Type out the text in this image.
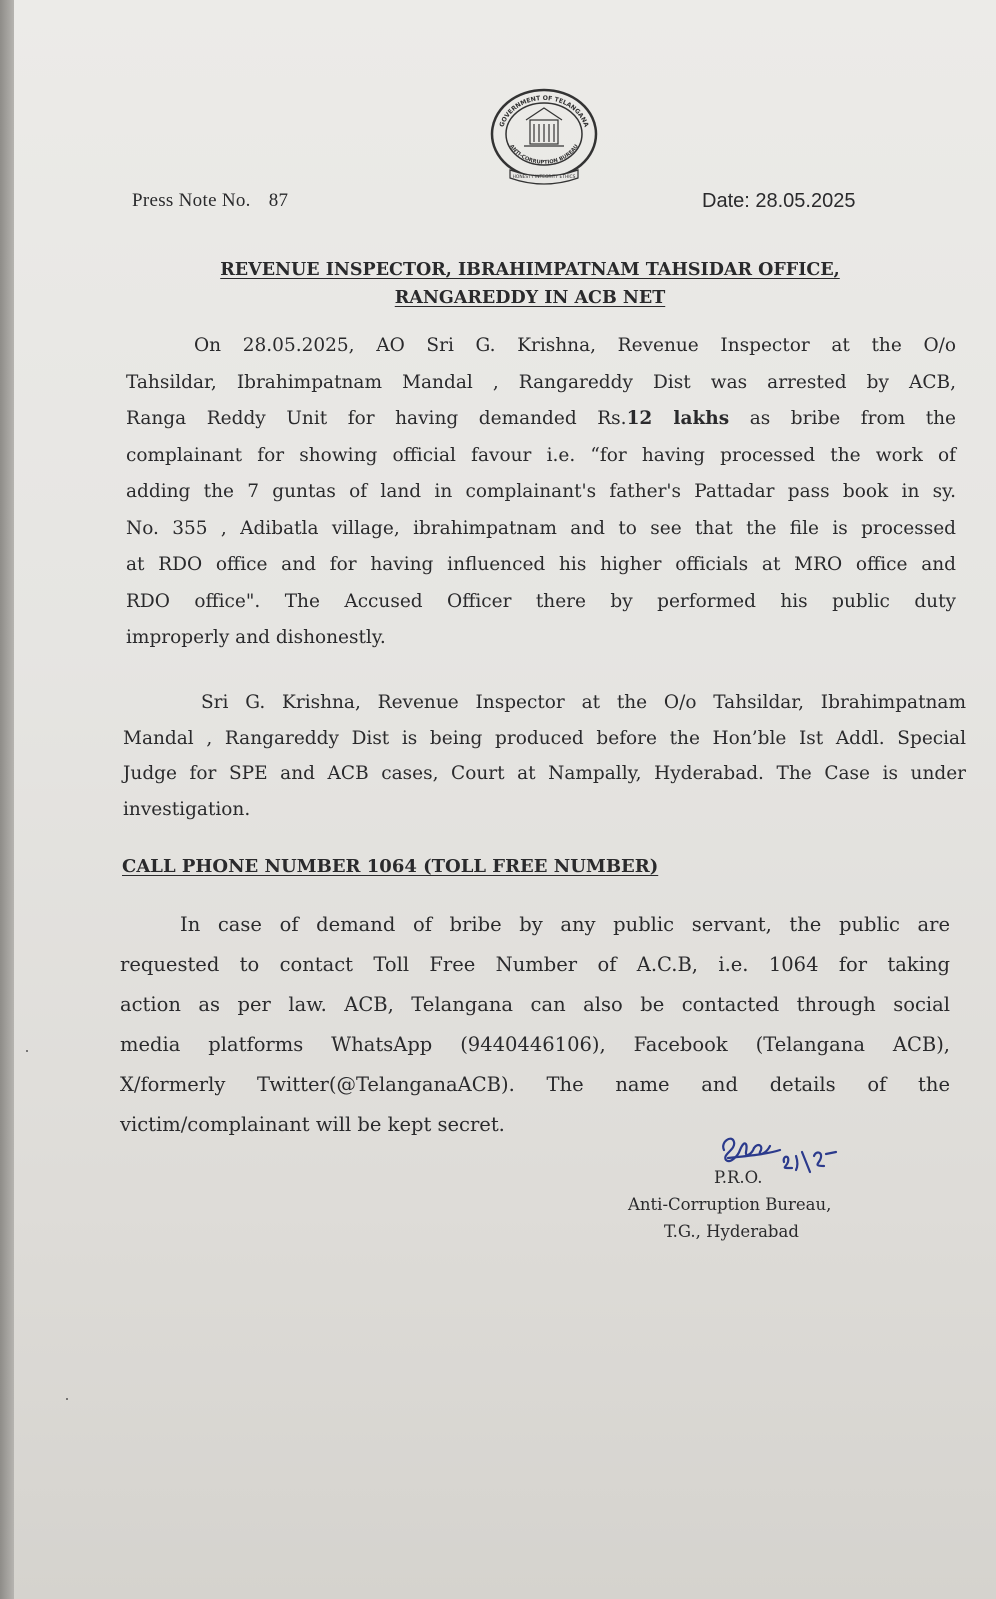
GOVERNMENT OF TELANGANA
ANTI-CORRUPTION BUREAU
HONESTY INTEGRITY ETHICS
Press Note No. 87	Date: 28.05.2025
REVENUE INSPECTOR, IBRAHIMPATNAM TAHSIDAR OFFICE,
RANGAREDDY IN ACB NET
On 28.05.2025, AO Sri G. Krishna, Revenue Inspector at the O/o
Tahsildar, Ibrahimpatnam Mandal , Rangareddy Dist was arrested by ACB,
Ranga Reddy Unit for having demanded Rs.12 lakhs as bribe from the
complainant for showing official favour i.e. “for having processed the work of
adding the 7 guntas of land in complainant's father's Pattadar pass book in sy.
No. 355 , Adibatla village, ibrahimpatnam and to see that the file is processed
at RDO office and for having influenced his higher officials at MRO office and
RDO office". The Accused Officer there by performed his public duty
improperly and dishonestly.
Sri G. Krishna, Revenue Inspector at the O/o Tahsildar, Ibrahimpatnam
Mandal , Rangareddy Dist is being produced before the Hon’ble Ist Addl. Special
Judge for SPE and ACB cases, Court at Nampally, Hyderabad. The Case is under
investigation.
CALL PHONE NUMBER 1064 (TOLL FREE NUMBER)
In case of demand of bribe by any public servant, the public are
requested to contact Toll Free Number of A.C.B, i.e. 1064 for taking
action as per law. ACB, Telangana can also be contacted through social
media platforms WhatsApp (9440446106), Facebook (Telangana ACB),
X/formerly Twitter(@TelanganaACB). The name and details of the
victim/complainant will be kept secret.
P.R.O.
Anti-Corruption Bureau,
T.G., Hyderabad
